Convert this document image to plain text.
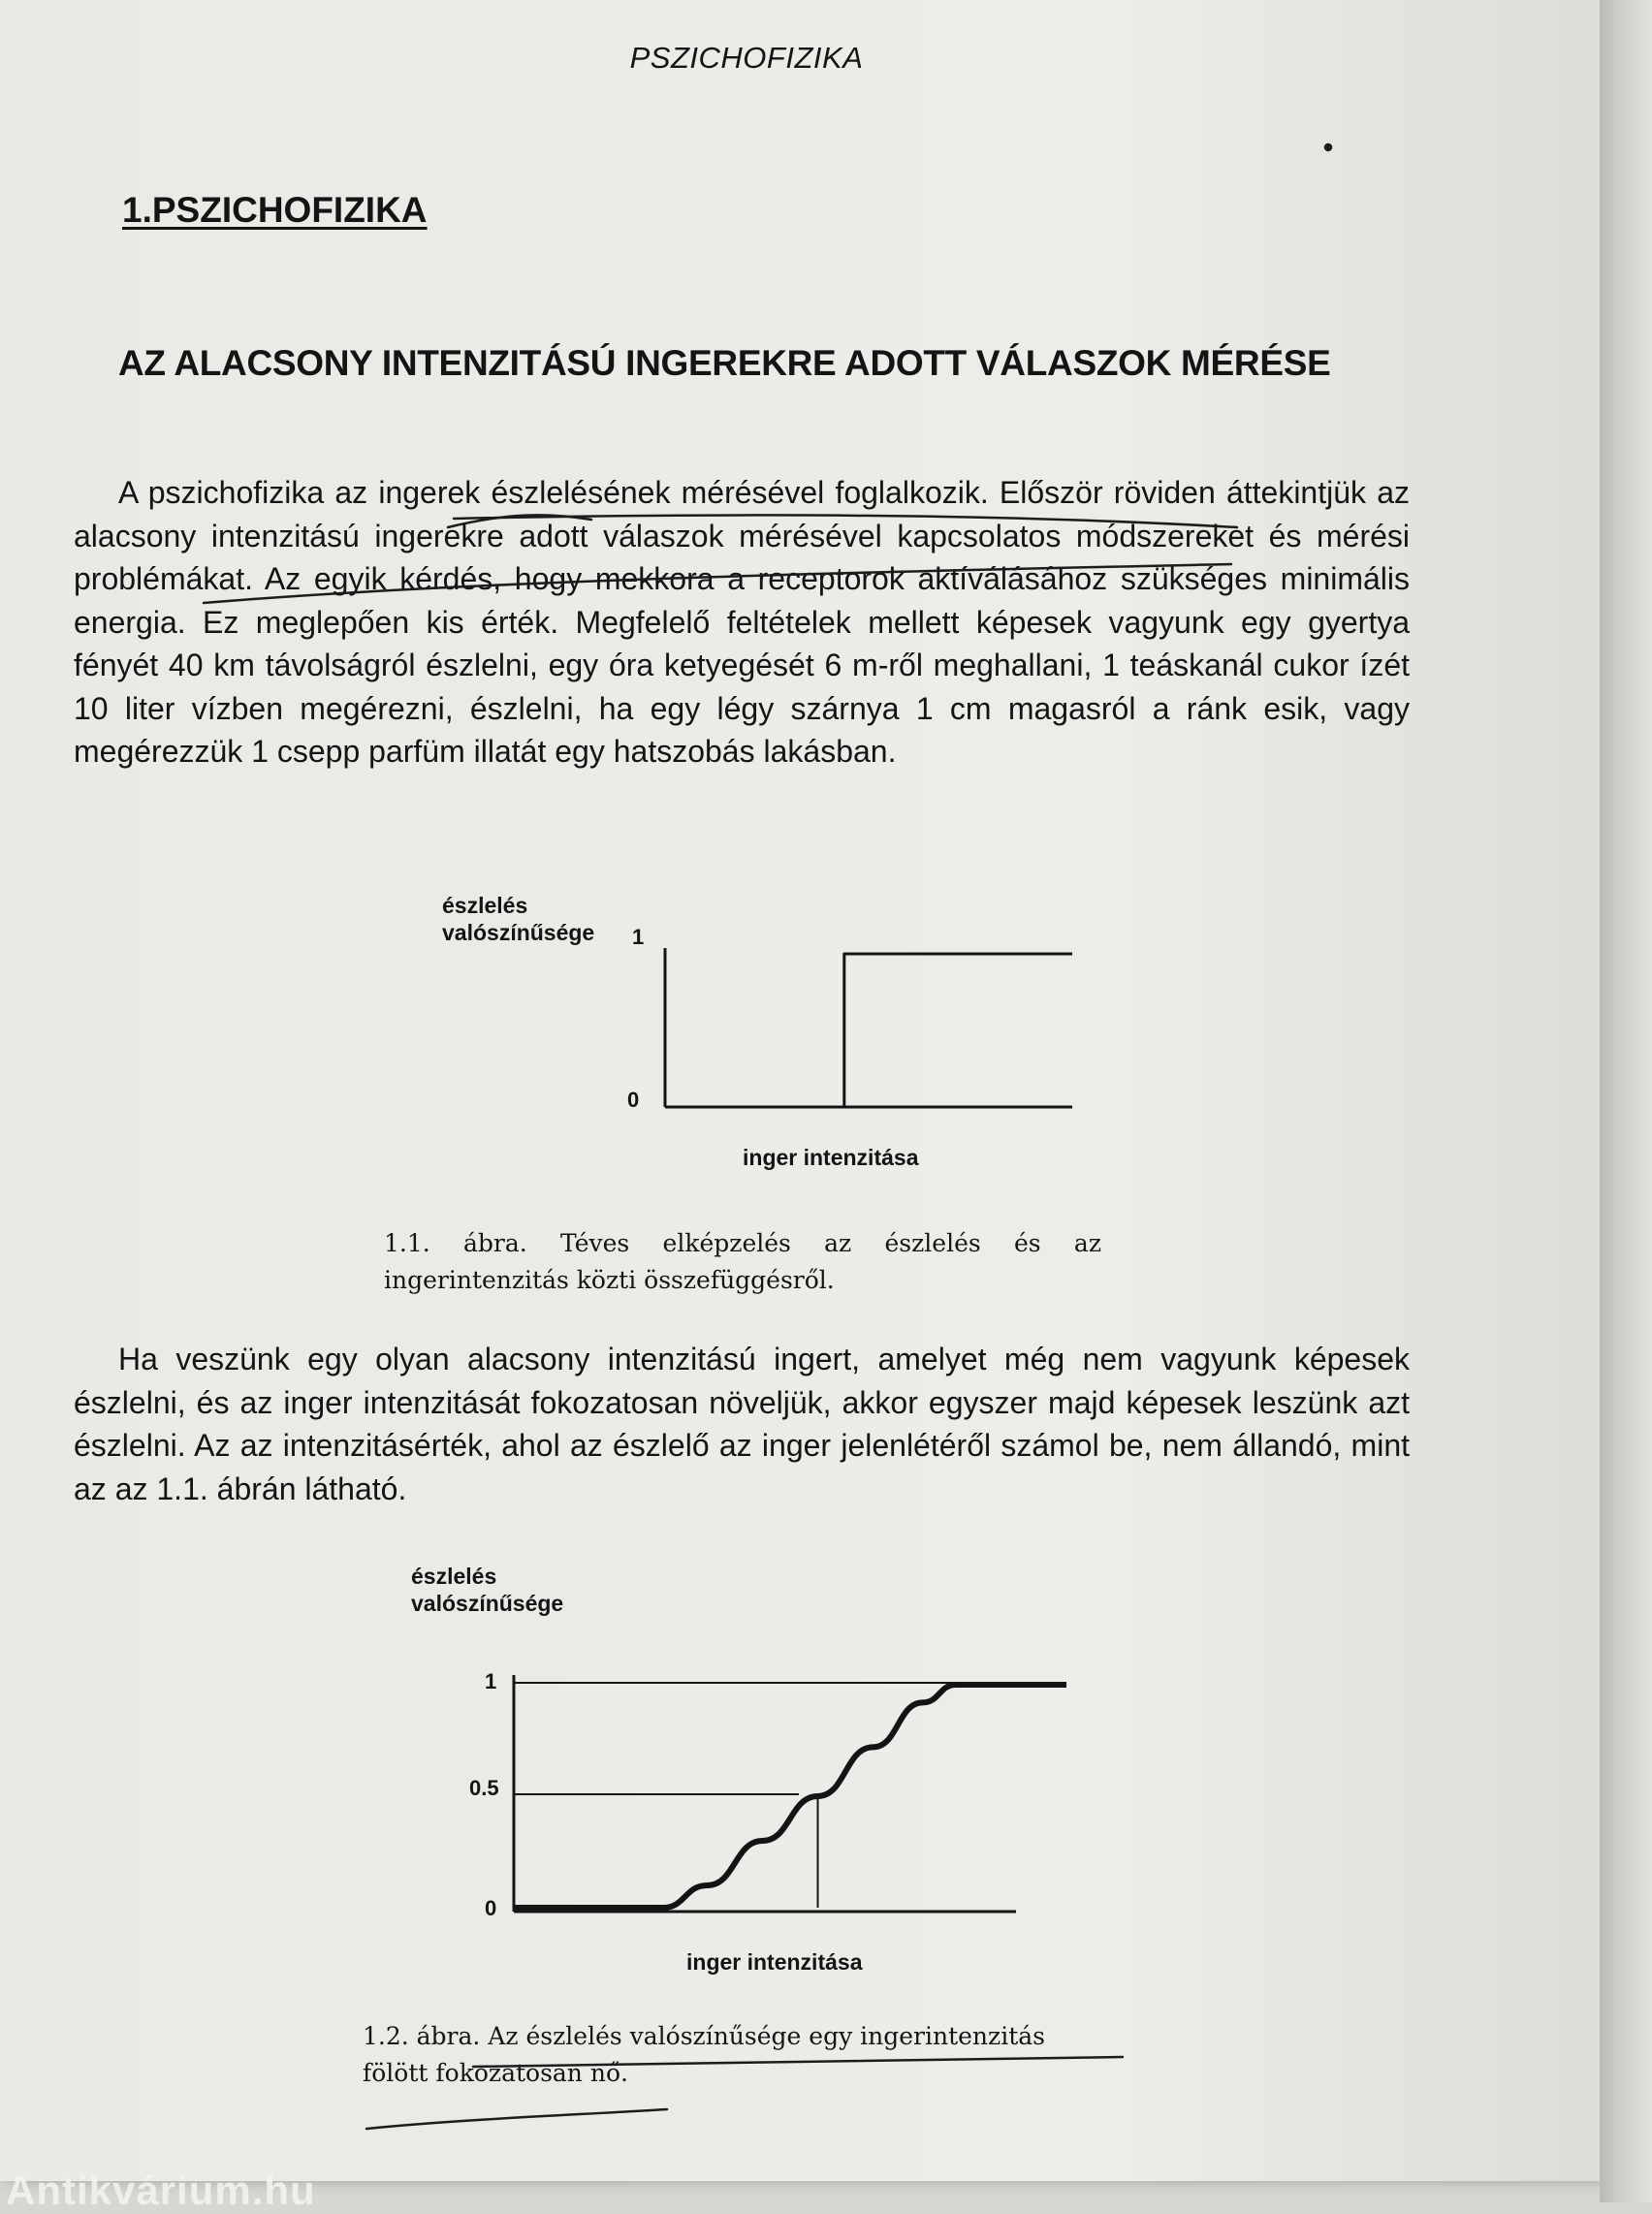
PSZICHOFIZIKA
1.PSZICHOFIZIKA
AZ ALACSONY INTENZITÁSÚ INGEREKRE ADOTT VÁLASZOK MÉRÉSE

A pszichofizika az ingerek észlelésének mérésével foglalkozik. Először röviden áttekintjük az alacsony intenzitású ingerekre adott válaszok mérésével kapcsolatos módszereket és mérési problémákat. Az egyik kérdés, hogy mekkora a receptorok aktíválásához szükséges minimális energia. Ez meglepően kis érték. Megfelelő feltételek mellett képesek vagyunk egy gyertya fényét 40 km távolságról észlelni, egy óra ketyegését 6 m-ről meghallani, 1 teáskanál cukor ízét 10 liter vízben megérezni, észlelni, ha egy légy szárnya 1 cm magasról a ránk esik, vagy megérezzük 1 csepp parfüm illatát egy hatszobás lakásban.

észlelés
valószínűsége 1
0
inger intenzitása
1.1. ábra. Téves elképzelés az észlelés és az
ingerintenzitás közti összefüggésről.

Ha veszünk egy olyan alacsony intenzitású ingert, amelyet még nem vagyunk képesek észlelni, és az inger intenzitását fokozatosan növeljük, akkor egyszer majd képesek leszünk azt észlelni. Az az intenzitásérték, ahol az észlelő az inger jelenlétéről számol be, nem állandó, mint az az 1.1. ábrán látható.

észlelés
valószínűsége
1
0.5
0
inger intenzitása
1.2. ábra. Az észlelés valószínűsége egy ingerintenzitás
fölött fokozatosan nő.
Antikvárium.hu
